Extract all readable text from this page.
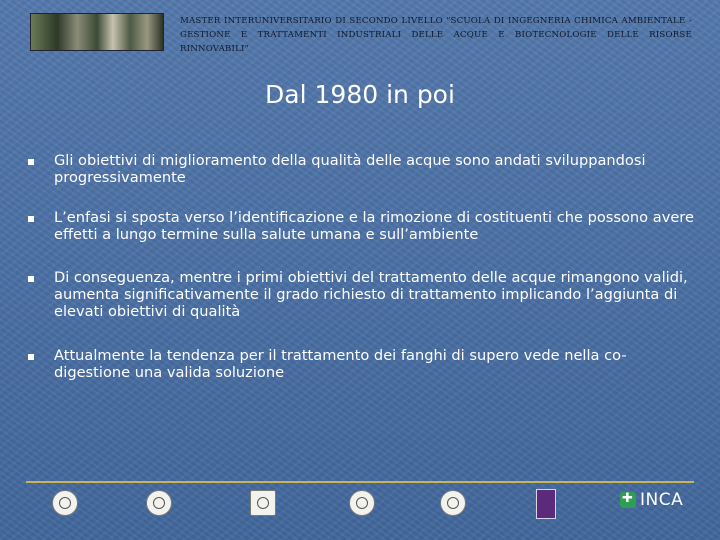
MASTER INTERUNIVERSITARIO DI SECONDO LIVELLO "SCUOLA DI INGEGNERIA CHIMICA AMBIENTALE - GESTIONE E TRATTAMENTI INDUSTRIALI DELLE ACQUE E BIOTECNOLOGIE DELLE RISORSE RINNOVABILI"

Dal 1980 in poi

Gli obiettivi di miglioramento della qualità delle acque sono andati sviluppandosi progressivamente

L’enfasi si sposta verso l’identificazione e la rimozione di costituenti che possono avere effetti a lungo termine sulla salute umana e sull’ambiente

Di conseguenza, mentre i primi obiettivi del trattamento delle acque rimangono validi, aumenta significativamente il grado richiesto di trattamento implicando l’aggiunta di elevati obiettivi di qualità

Attualmente la tendenza per il trattamento dei fanghi di supero vede nella co-digestione una valida soluzione

✚
INCA
